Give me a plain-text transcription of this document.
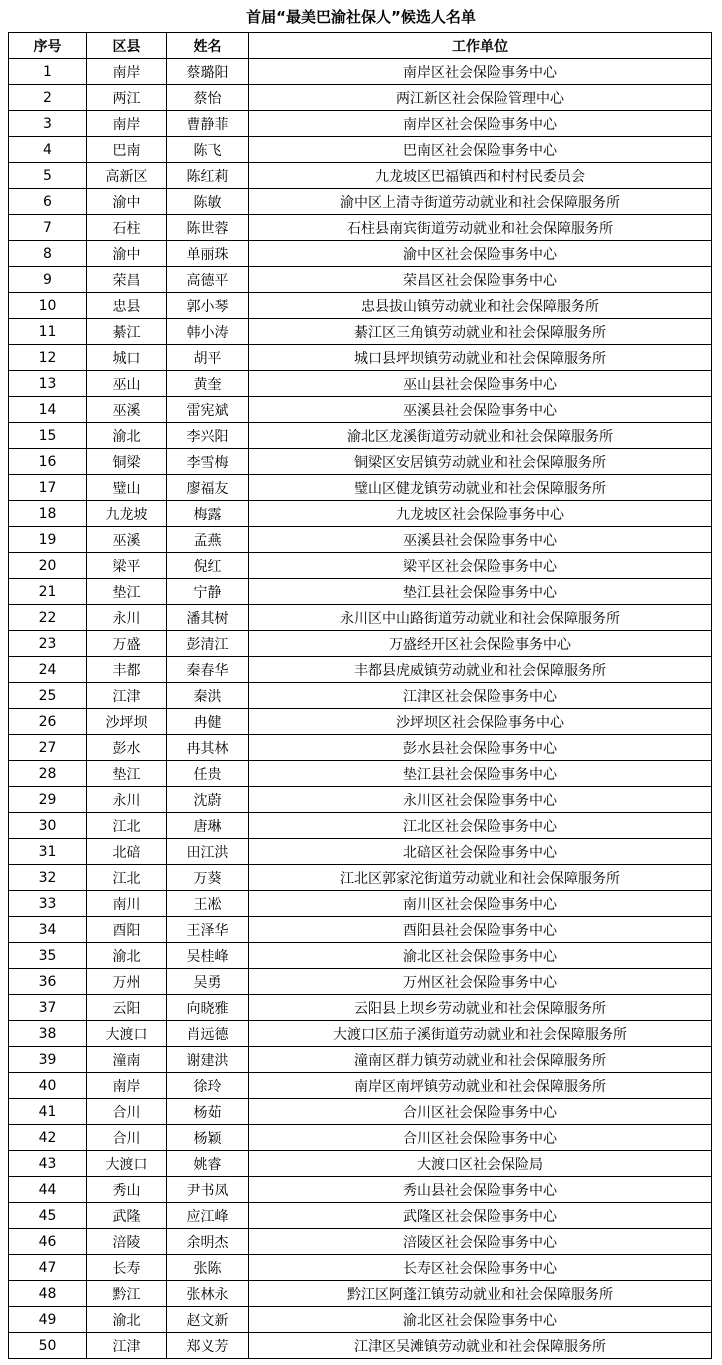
首届“最美巴渝社保人”候选人名单
序号	区县	姓名	工作单位
1	南岸	蔡璐阳	南岸区社会保险事务中心
2	两江	蔡怡	两江新区社会保险管理中心
3	南岸	曹静菲	南岸区社会保险事务中心
4	巴南	陈飞	巴南区社会保险事务中心
5	高新区	陈红莉	九龙坡区巴福镇西和村村民委员会
6	渝中	陈敏	渝中区上清寺街道劳动就业和社会保障服务所
7	石柱	陈世蓉	石柱县南宾街道劳动就业和社会保障服务所
8	渝中	单丽珠	渝中区社会保险事务中心
9	荣昌	高德平	荣昌区社会保险事务中心
10	忠县	郭小琴	忠县拔山镇劳动就业和社会保障服务所
11	綦江	韩小涛	綦江区三角镇劳动就业和社会保障服务所
12	城口	胡平	城口县坪坝镇劳动就业和社会保障服务所
13	巫山	黄奎	巫山县社会保险事务中心
14	巫溪	雷宪斌	巫溪县社会保险事务中心
15	渝北	李兴阳	渝北区龙溪街道劳动就业和社会保障服务所
16	铜梁	李雪梅	铜梁区安居镇劳动就业和社会保障服务所
17	璧山	廖福友	璧山区健龙镇劳动就业和社会保障服务所
18	九龙坡	梅露	九龙坡区社会保险事务中心
19	巫溪	孟燕	巫溪县社会保险事务中心
20	梁平	倪红	梁平区社会保险事务中心
21	垫江	宁静	垫江县社会保险事务中心
22	永川	潘其树	永川区中山路街道劳动就业和社会保障服务所
23	万盛	彭清江	万盛经开区社会保险事务中心
24	丰都	秦春华	丰都县虎威镇劳动就业和社会保障服务所
25	江津	秦洪	江津区社会保险事务中心
26	沙坪坝	冉健	沙坪坝区社会保险事务中心
27	彭水	冉其林	彭水县社会保险事务中心
28	垫江	任贵	垫江县社会保险事务中心
29	永川	沈蔚	永川区社会保险事务中心
30	江北	唐琳	江北区社会保险事务中心
31	北碚	田江洪	北碚区社会保险事务中心
32	江北	万葵	江北区郭家沱街道劳动就业和社会保障服务所
33	南川	王凇	南川区社会保险事务中心
34	酉阳	王泽华	酉阳县社会保险事务中心
35	渝北	吴桂峰	渝北区社会保险事务中心
36	万州	吴勇	万州区社会保险事务中心
37	云阳	向晓雅	云阳县上坝乡劳动就业和社会保障服务所
38	大渡口	肖远德	大渡口区茄子溪街道劳动就业和社会保障服务所
39	潼南	谢建洪	潼南区群力镇劳动就业和社会保障服务所
40	南岸	徐玲	南岸区南坪镇劳动就业和社会保障服务所
41	合川	杨茹	合川区社会保险事务中心
42	合川	杨颖	合川区社会保险事务中心
43	大渡口	姚睿	大渡口区社会保险局
44	秀山	尹书凤	秀山县社会保险事务中心
45	武隆	应江峰	武隆区社会保险事务中心
46	涪陵	余明杰	涪陵区社会保险事务中心
47	长寿	张陈	长寿区社会保险事务中心
48	黔江	张林永	黔江区阿蓬江镇劳动就业和社会保障服务所
49	渝北	赵文新	渝北区社会保险事务中心
50	江津	郑义芳	江津区吴滩镇劳动就业和社会保障服务所
